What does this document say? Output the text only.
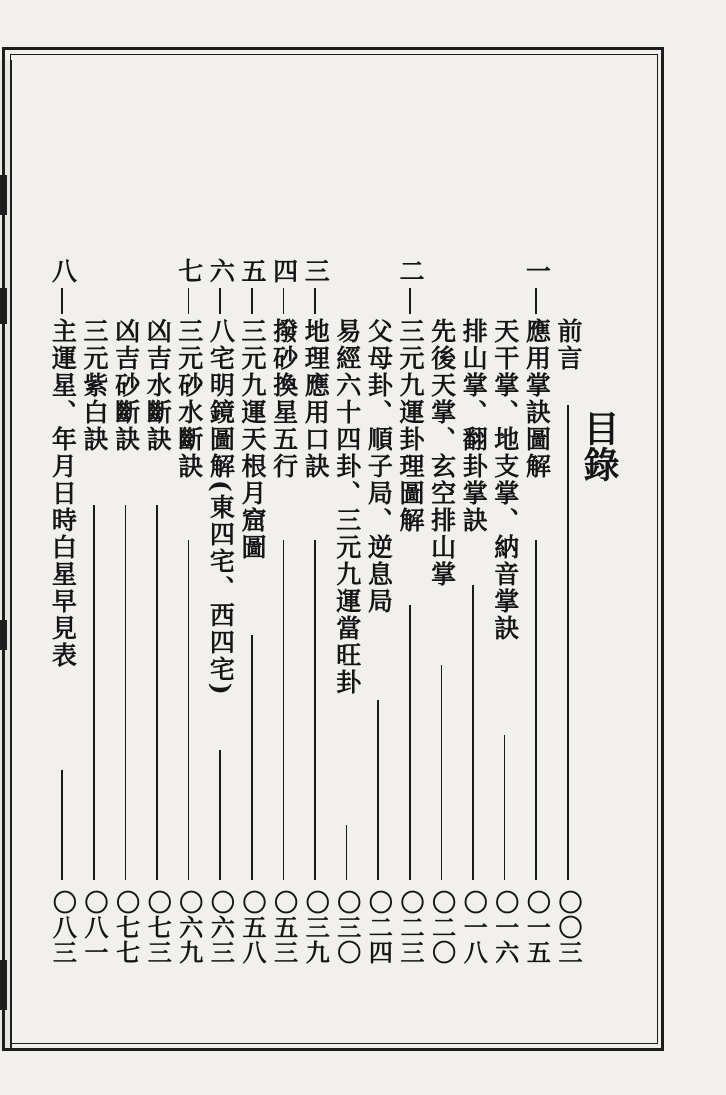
目錄
前言
〇〇三
一
應用掌訣圖解
〇一五
天干掌、地支掌、納音掌訣
〇一六
排山掌、翻卦掌訣
〇一八
先後天掌、玄空排山掌
〇二〇
二
三元九運卦理圖解
〇二三
父母卦、順子局、逆息局
〇二四
易經六十四卦、三元九運當旺卦
〇三〇
三
地理應用口訣
〇三九
四
撥砂換星五行
〇五三
五
三元九運天根月窟圖
〇五八
六
八宅明鏡圖解(東四宅、西四宅)
〇六三
七
三元砂水斷訣
〇六九
凶吉水斷訣
〇七三
凶吉砂斷訣
〇七七
三元紫白訣
〇八一
八
主運星、年月日時白星早見表
〇八三
